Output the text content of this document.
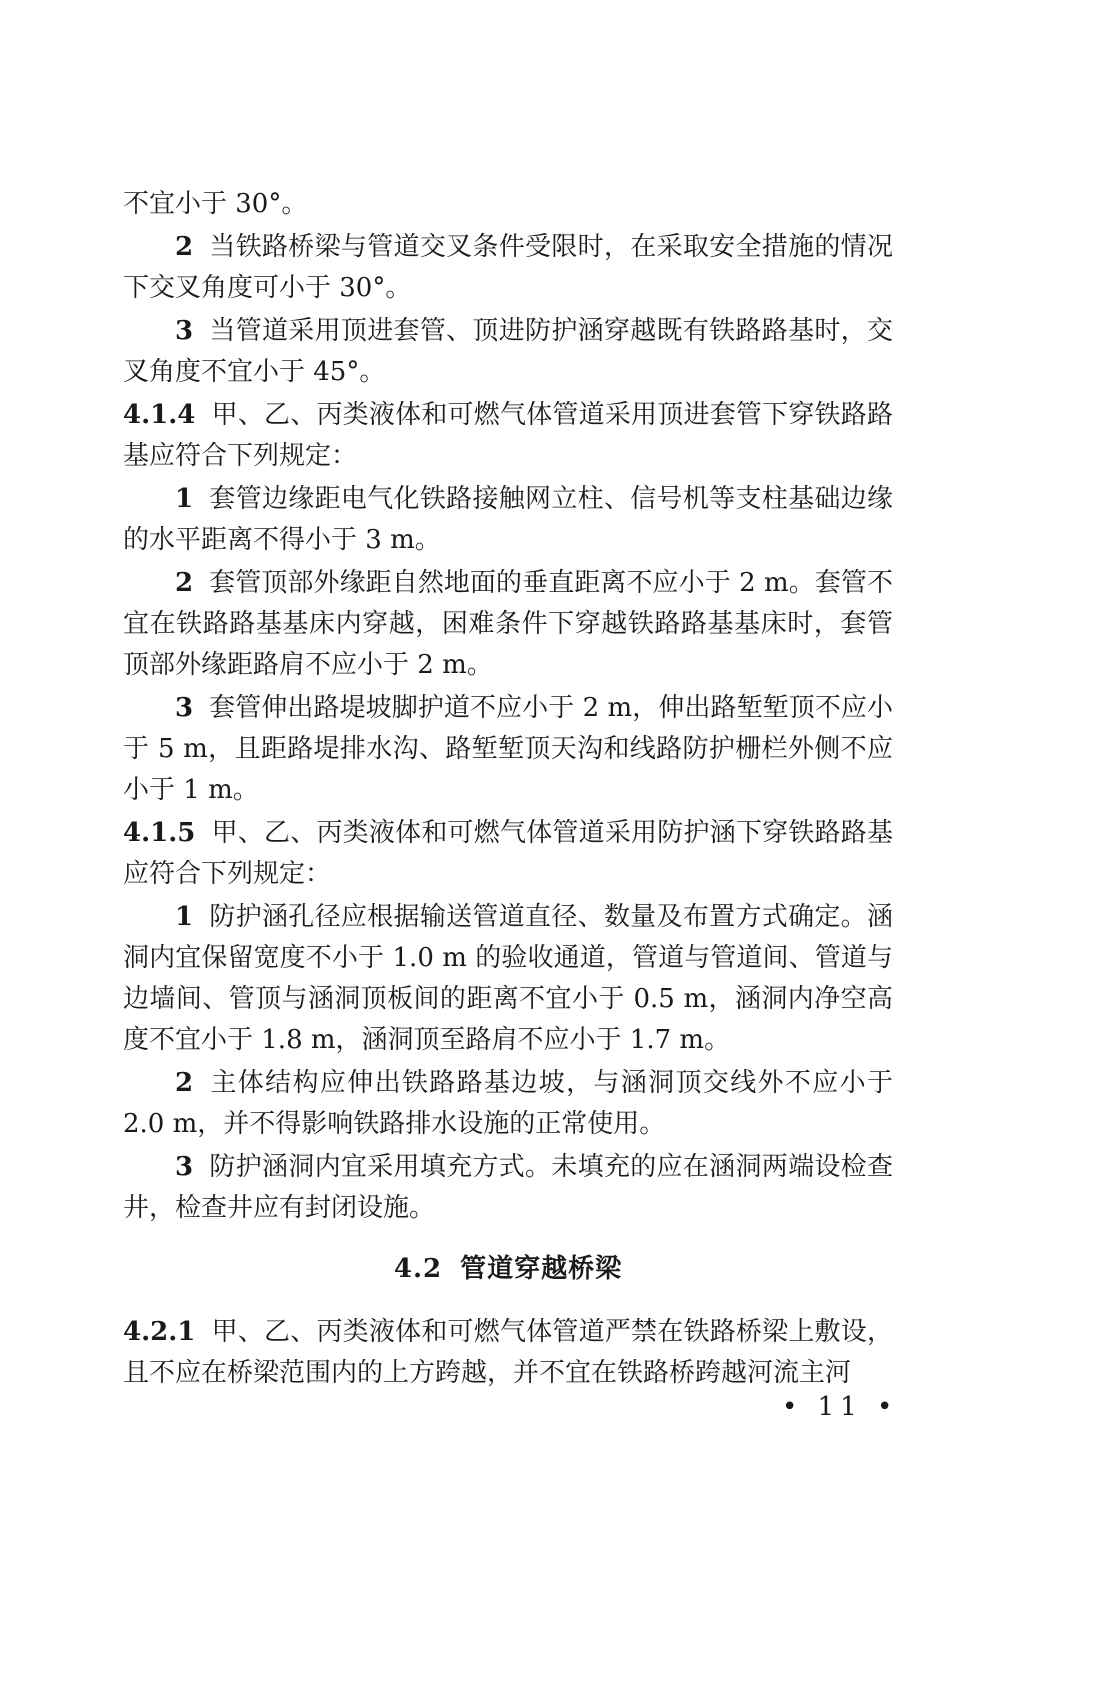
不宜小于 30°。

2 当铁路桥梁与管道交叉条件受限时，在采取安全措施的情况下交叉角度可小于 30°。

3 当管道采用顶进套管、顶进防护涵穿越既有铁路路基时，交叉角度不宜小于 45°。

4.1.4 甲、乙、丙类液体和可燃气体管道采用顶进套管下穿铁路路基应符合下列规定：

1 套管边缘距电气化铁路接触网立柱、信号机等支柱基础边缘的水平距离不得小于 3 m。

2 套管顶部外缘距自然地面的垂直距离不应小于 2 m。套管不宜在铁路路基基床内穿越，困难条件下穿越铁路路基基床时，套管顶部外缘距路肩不应小于 2 m。

3 套管伸出路堤坡脚护道不应小于 2 m，伸出路堑堑顶不应小于 5 m，且距路堤排水沟、路堑堑顶天沟和线路防护栅栏外侧不应小于 1 m。

4.1.5 甲、乙、丙类液体和可燃气体管道采用防护涵下穿铁路路基应符合下列规定：

1 防护涵孔径应根据输送管道直径、数量及布置方式确定。涵洞内宜保留宽度不小于 1.0 m 的验收通道，管道与管道间、管道与边墙间、管顶与涵洞顶板间的距离不宜小于 0.5 m，涵洞内净空高度不宜小于 1.8 m，涵洞顶至路肩不应小于 1.7 m。

2 主体结构应伸出铁路路基边坡，与涵洞顶交线外不应小于 2.0 m，并不得影响铁路排水设施的正常使用。

3 防护涵洞内宜采用填充方式。未填充的应在涵洞两端设检查井，检查井应有封闭设施。

4.2 管道穿越桥梁

4.2.1 甲、乙、丙类液体和可燃气体管道严禁在铁路桥梁上敷设，且不应在桥梁范围内的上方跨越，并不宜在铁路桥跨越河流主河

• 11 •
